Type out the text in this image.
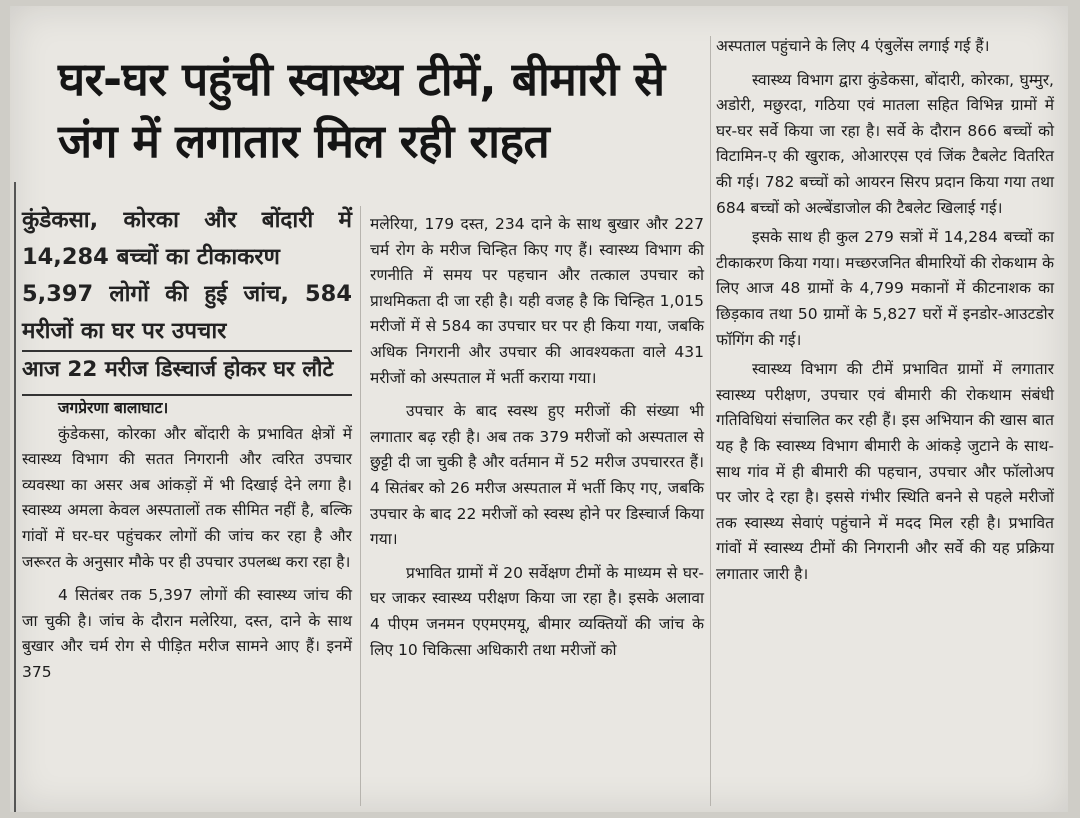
घर-घर पहुंची स्वास्थ्य टीमें, बीमारी से जंग में लगातार मिल रही राहत

कुंडेकसा, कोरका और बोंदारी में 14,284 बच्चों का टीकाकरण

5,397 लोगों की हुई जांच, 584 मरीजों का घर पर उपचार

आज 22 मरीज डिस्चार्ज होकर घर लौटे

जगप्रेरणा बालाघाट।

कुंडेकसा, कोरका और बोंदारी के प्रभावित क्षेत्रों में स्वास्थ्य विभाग की सतत निगरानी और त्वरित उपचार व्यवस्था का असर अब आंकड़ों में भी दिखाई देने लगा है। स्वास्थ्य अमला केवल अस्पतालों तक सीमित नहीं है, बल्कि गांवों में घर-घर पहुंचकर लोगों की जांच कर रहा है और जरूरत के अनुसार मौके पर ही उपचार उपलब्ध करा रहा है।

4 सितंबर तक 5,397 लोगों की स्वास्थ्य जांच की जा चुकी है। जांच के दौरान मलेरिया, दस्त, दाने के साथ बुखार और चर्म रोग से पीड़ित मरीज सामने आए हैं। इनमें 375

मलेरिया, 179 दस्त, 234 दाने के साथ बुखार और 227 चर्म रोग के मरीज चिन्हित किए गए हैं। स्वास्थ्य विभाग की रणनीति में समय पर पहचान और तत्काल उपचार को प्राथमिकता दी जा रही है। यही वजह है कि चिन्हित 1,015 मरीजों में से 584 का उपचार घर पर ही किया गया, जबकि अधिक निगरानी और उपचार की आवश्यकता वाले 431 मरीजों को अस्पताल में भर्ती कराया गया।

उपचार के बाद स्वस्थ हुए मरीजों की संख्या भी लगातार बढ़ रही है। अब तक 379 मरीजों को अस्पताल से छुट्टी दी जा चुकी है और वर्तमान में 52 मरीज उपचाररत हैं। 4 सितंबर को 26 मरीज अस्पताल में भर्ती किए गए, जबकि उपचार के बाद 22 मरीजों को स्वस्थ होने पर डिस्चार्ज किया गया।

प्रभावित ग्रामों में 20 सर्वेक्षण टीमों के माध्यम से घर-घर जाकर स्वास्थ्य परीक्षण किया जा रहा है। इसके अलावा 4 पीएम जनमन एएमएमयू, बीमार व्यक्तियों की जांच के लिए 10 चिकित्सा अधिकारी तथा मरीजों को

अस्पताल पहुंचाने के लिए 4 एंबुलेंस लगाई गई हैं।

स्वास्थ्य विभाग द्वारा कुंडेकसा, बोंदारी, कोरका, घुम्मुर, अडोरी, मछुरदा, गठिया एवं मातला सहित विभिन्न ग्रामों में घर-घर सर्वे किया जा रहा है। सर्वे के दौरान 866 बच्चों को विटामिन-ए की खुराक, ओआरएस एवं जिंक टैबलेट वितरित की गई। 782 बच्चों को आयरन सिरप प्रदान किया गया तथा 684 बच्चों को अल्बेंडाजोल की टैबलेट खिलाई गई।

इसके साथ ही कुल 279 सत्रों में 14,284 बच्चों का टीकाकरण किया गया। मच्छरजनित बीमारियों की रोकथाम के लिए आज 48 ग्रामों के 4,799 मकानों में कीटनाशक का छिड़काव तथा 50 ग्रामों के 5,827 घरों में इनडोर-आउटडोर फॉगिंग की गई।

स्वास्थ्य विभाग की टीमें प्रभावित ग्रामों में लगातार स्वास्थ्य परीक्षण, उपचार एवं बीमारी की रोकथाम संबंधी गतिविधियां संचालित कर रही हैं। इस अभियान की खास बात यह है कि स्वास्थ्य विभाग बीमारी के आंकड़े जुटाने के साथ-साथ गांव में ही बीमारी की पहचान, उपचार और फॉलोअप पर जोर दे रहा है। इससे गंभीर स्थिति बनने से पहले मरीजों तक स्वास्थ्य सेवाएं पहुंचाने में मदद मिल रही है। प्रभावित गांवों में स्वास्थ्य टीमों की निगरानी और सर्वे की यह प्रक्रिया लगातार जारी है।
